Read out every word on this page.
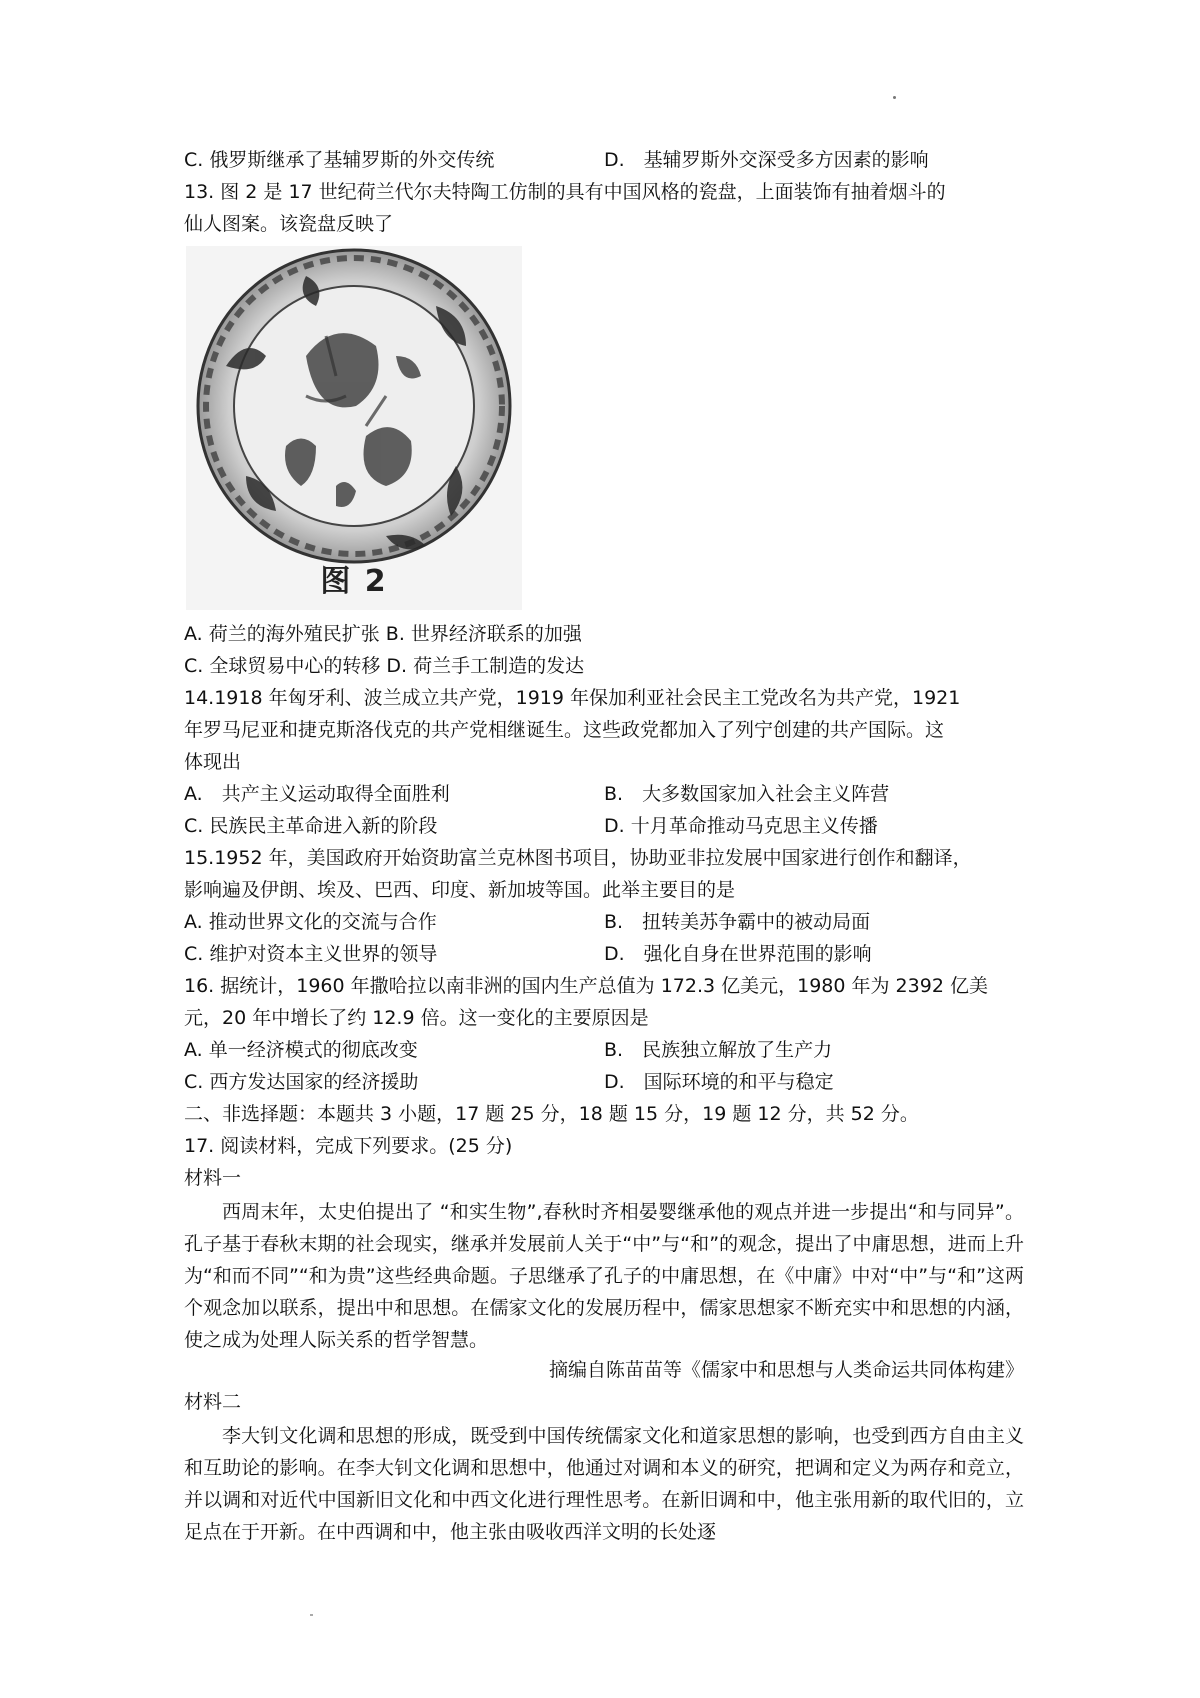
C. 俄罗斯继承了基辅罗斯的外交传统	D.　基辅罗斯外交深受多方因素的影响
13. 图 2 是 17 世纪荷兰代尔夫特陶工仿制的具有中国风格的瓷盘，上面装饰有抽着烟斗的
仙人图案。该瓷盘反映了
图 2
A. 荷兰的海外殖民扩张 B. 世界经济联系的加强
C. 全球贸易中心的转移 D. 荷兰手工制造的发达
14.1918 年匈牙利、波兰成立共产党，1919 年保加利亚社会民主工党改名为共产党，1921
年罗马尼亚和捷克斯洛伐克的共产党相继诞生。这些政党都加入了列宁创建的共产国际。这
体现出
A.　共产主义运动取得全面胜利	B.　大多数国家加入社会主义阵营
C. 民族民主革命进入新的阶段	D. 十月革命推动马克思主义传播
15.1952 年，美国政府开始资助富兰克林图书项目，协助亚非拉发展中国家进行创作和翻译，
影响遍及伊朗、埃及、巴西、印度、新加坡等国。此举主要目的是
A. 推动世界文化的交流与合作	B.　扭转美苏争霸中的被动局面
C. 维护对资本主义世界的领导	D.　强化自身在世界范围的影响
16. 据统计，1960 年撒哈拉以南非洲的国内生产总值为 172.3 亿美元，1980 年为 2392 亿美
元，20 年中增长了约 12.9 倍。这一变化的主要原因是
A. 单一经济模式的彻底改变	B.　民族独立解放了生产力
C. 西方发达国家的经济援助	D.　国际环境的和平与稳定
二、非选择题：本题共 3 小题，17 题 25 分，18 题 15 分，19 题 12 分，共 52 分。
17. 阅读材料，完成下列要求。(25 分)
材料一
西周末年，太史伯提出了 “和实生物”,春秋时齐相晏婴继承他的观点并进一步提出“和与同异”。孔子基于春秋末期的社会现实，继承并发展前人关于“中”与“和”的观念，提出了中庸思想，进而上升为“和而不同”“和为贵”这些经典命题。子思继承了孔子的中庸思想，在《中庸》中对“中”与“和”这两个观念加以联系，提出中和思想。在儒家文化的发展历程中，儒家思想家不断充实中和思想的内涵，使之成为处理人际关系的哲学智慧。
摘编自陈苗苗等《儒家中和思想与人类命运共同体构建》
材料二
李大钊文化调和思想的形成，既受到中国传统儒家文化和道家思想的影响，也受到西方自由主义和互助论的影响。在李大钊文化调和思想中，他通过对调和本义的研究，把调和定义为两存和竞立，并以调和对近代中国新旧文化和中西文化进行理性思考。在新旧调和中，他主张用新的取代旧的，立足点在于开新。在中西调和中，他主张由吸收西洋文明的长处逐
